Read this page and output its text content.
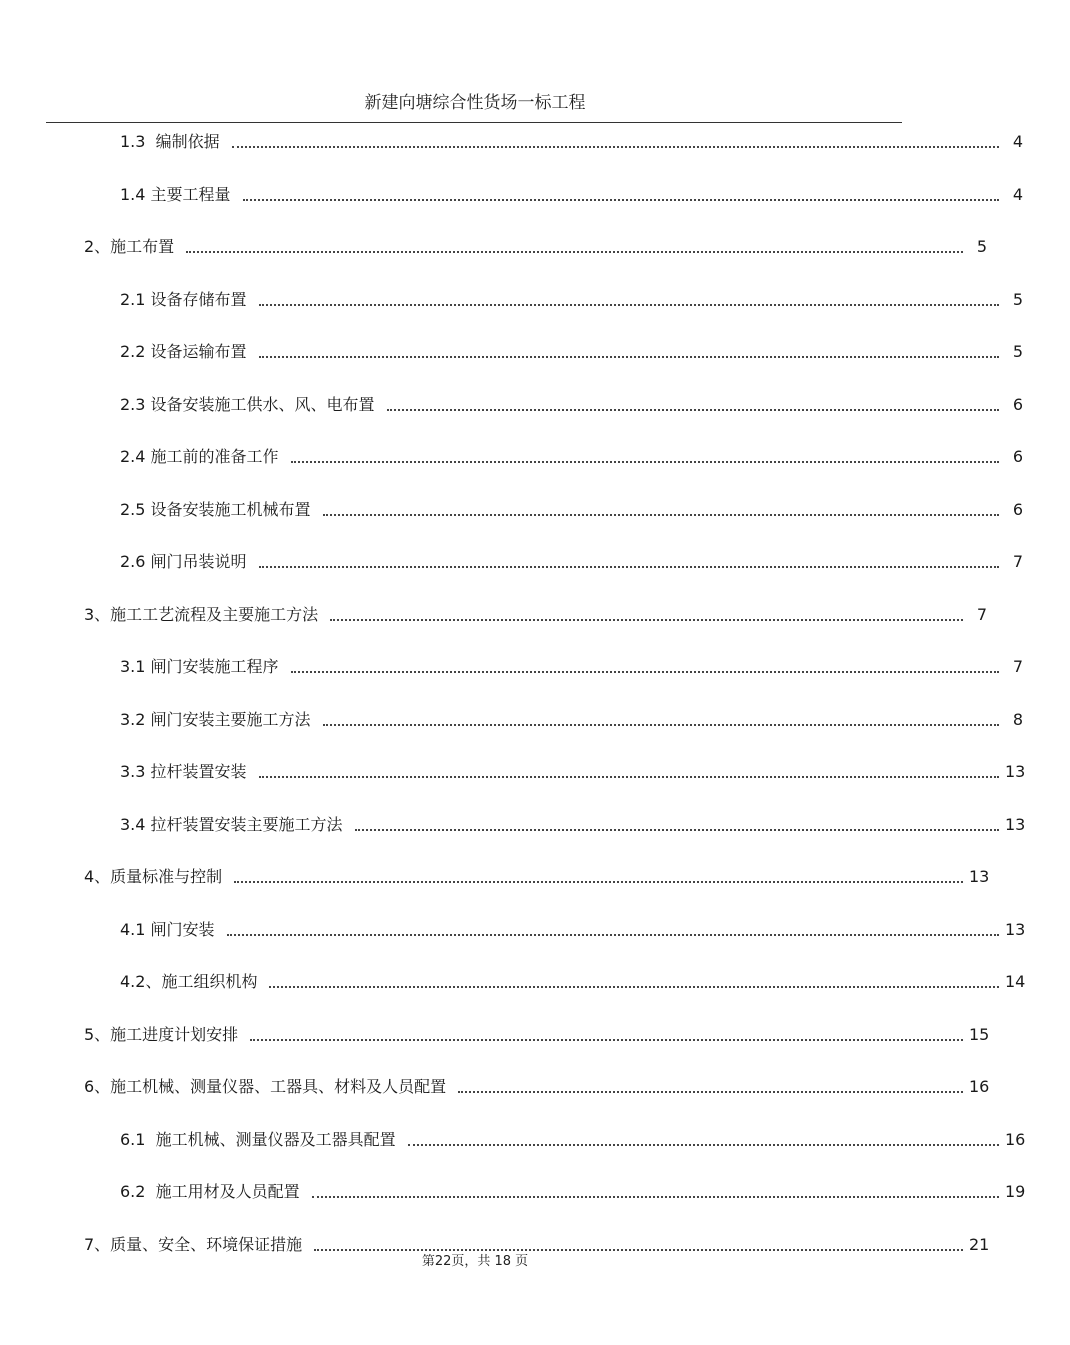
新建向塘综合性货场一标工程
1.3  编制依据	4
1.4 主要工程量	4
2、施工布置	5
2.1 设备存储布置	5
2.2 设备运输布置	5
2.3 设备安装施工供水、风、电布置	6
2.4 施工前的准备工作	6
2.5 设备安装施工机械布置	6
2.6 闸门吊装说明	7
3、施工工艺流程及主要施工方法	7
3.1 闸门安装施工程序	7
3.2 闸门安装主要施工方法	8
3.3 拉杆装置安装	13
3.4 拉杆装置安装主要施工方法	13
4、质量标准与控制	13
4.1 闸门安装	13
4.2、施工组织机构	14
5、施工进度计划安排	15
6、施工机械、测量仪器、工器具、材料及人员配置	16
6.1  施工机械、测量仪器及工器具配置	16
6.2  施工用材及人员配置	19
7、质量、安全、环境保证措施	21
第22页，共 18 页
